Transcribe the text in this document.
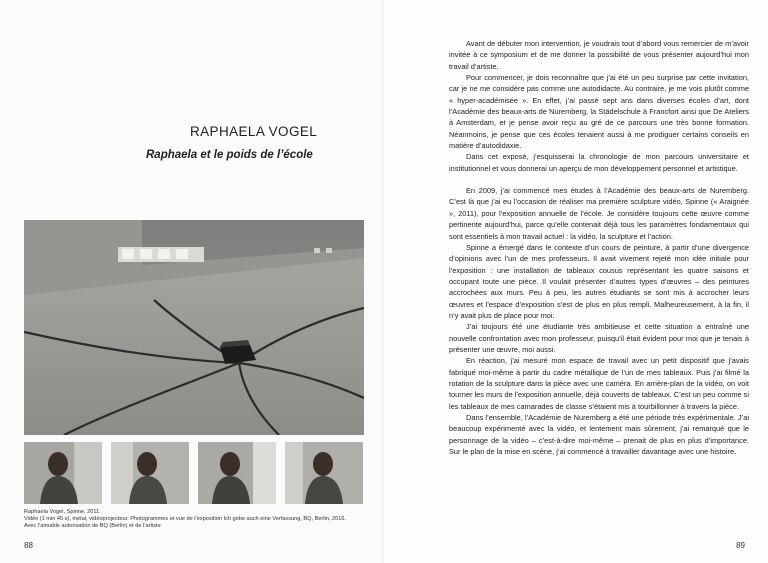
RAPHAELA VOGEL
Raphaela et le poids de l’école
Raphaela Vogel, Spinne, 2011.
Vidéo (1 min 45 s), métal, vidéoprojecteur. Photogrammes et vue de l’exposition Ich gebe auch eine Verfassung, BQ, Berlin, 2016.
Avec l’aimable autorisation de BQ (Berlin) et de l’artiste
88

Avant de débuter mon intervention, je voudrais tout d’abord vous remercier de m’avoir invitée à ce symposium et de me donner la possibilité de vous présenter aujourd’hui mon travail d’artiste.

Pour commencer, je dois reconnaître que j’ai été un peu surprise par cette invitation, car je ne me considère pas comme une autodidacte. Au contraire, je me vois plutôt comme « hyper-académisée ». En effet, j’ai passé sept ans dans diverses écoles d’art, dont l’Académie des beaux-arts de Nuremberg, la Städelschule à Francfort ainsi que De Ateliers à Amsterdam, et je pense avoir reçu au gré de ce parcours une très bonne formation. Néanmoins, je pense que ces écoles tenaient aussi à me prodiguer certains conseils en matière d’autodidaxie.

Dans cet exposé, j’esquisserai la chronologie de mon parcours universitaire et institutionnel et vous donnerai un aperçu de mon développement personnel et artistique.

En 2009, j’ai commencé mes études à l’Académie des beaux-arts de Nuremberg. C’est là que j’ai eu l’occasion de réaliser ma première sculpture vidéo, Spinne (« Araignée », 2011), pour l’exposition annuelle de l’école. Je considère toujours cette œuvre comme pertinente aujourd’hui, parce qu’elle contenait déjà tous les paramètres fondamentaux qui sont essentiels à mon travail actuel : la vidéo, la sculpture et l’action.

Spinne a émergé dans le contexte d’un cours de peinture, à partir d’une divergence d’opinions avec l’un de mes professeurs. Il avait vivement rejeté mon idée initiale pour l’exposition : une installation de tableaux cousus représentant les quatre saisons et occupant toute une pièce. Il voulait présenter d’autres types d’œuvres – des peintures accrochées aux murs. Peu à peu, les autres étudiants se sont mis à accrocher leurs œuvres et l’espace d’exposition s’est de plus en plus rempli. Malheureusement, à la fin, il n’y avait plus de place pour moi.

J’ai toujours été une étudiante très ambitieuse et cette situation a entraîné une nouvelle confrontation avec mon professeur, puisqu’il était évident pour moi que je tenais à présenter une œuvre, moi aussi.

En réaction, j’ai mesuré mon espace de travail avec un petit dispositif que j’avais fabriqué moi-même à partir du cadre métallique de l’un de mes tableaux. Puis j’ai filmé la rotation de la sculpture dans la pièce avec une caméra. En arrière-plan de la vidéo, on voit tourner les murs de l’exposition annuelle, déjà couverts de tableaux. C’est un peu comme si les tableaux de mes camarades de classe s’étaient mis à tourbillonner à travers la pièce.

Dans l’ensemble, l’Académie de Nuremberg a été une période très expérimentale. J’ai beaucoup expérimenté avec la vidéo, et lentement mais sûrement, j’ai remarqué que le personnage de la vidéo – c’est-à-dire moi-même – prenait de plus en plus d’importance. Sur le plan de la mise en scène, j’ai commencé à travailler davantage avec une histoire.

89
